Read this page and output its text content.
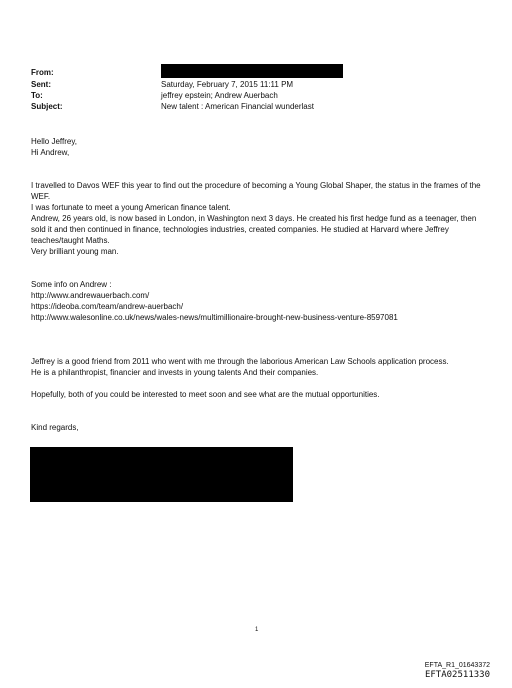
From:
Sent:	Saturday, February 7, 2015 11:11 PM
To:	jeffrey epstein; Andrew Auerbach
Subject:	New talent : American Financial wunderlast

Hello Jeffrey,

Hi Andrew,

I travelled to Davos WEF this year to find out the procedure of becoming a Young Global Shaper, the status in the frames of the WEF.

I was fortunate to meet a young American finance talent.

Andrew, 26 years old, is now based in London, in Washington next 3 days. He created his first hedge fund as a teenager, then sold it and then continued in finance, technologies industries, created companies. He studied at Harvard where Jeffrey teaches/taught Maths.

Very brilliant young man.

Some info on Andrew :

http://www.andrewauerbach.com/

https://ideoba.com/team/andrew-auerbach/

http://www.walesonline.co.uk/news/wales-news/multimillionaire-brought-new-business-venture-8597081

Jeffrey is a good friend from 2011 who went with me through the laborious American Law Schools application process.

He is a philanthropist, financier and invests in young talents And their companies.

Hopefully, both of you could be interested to meet soon and see what are the mutual opportunities.

Kind regards,

1
EFTA_R1_01643372
EFTA02511330
